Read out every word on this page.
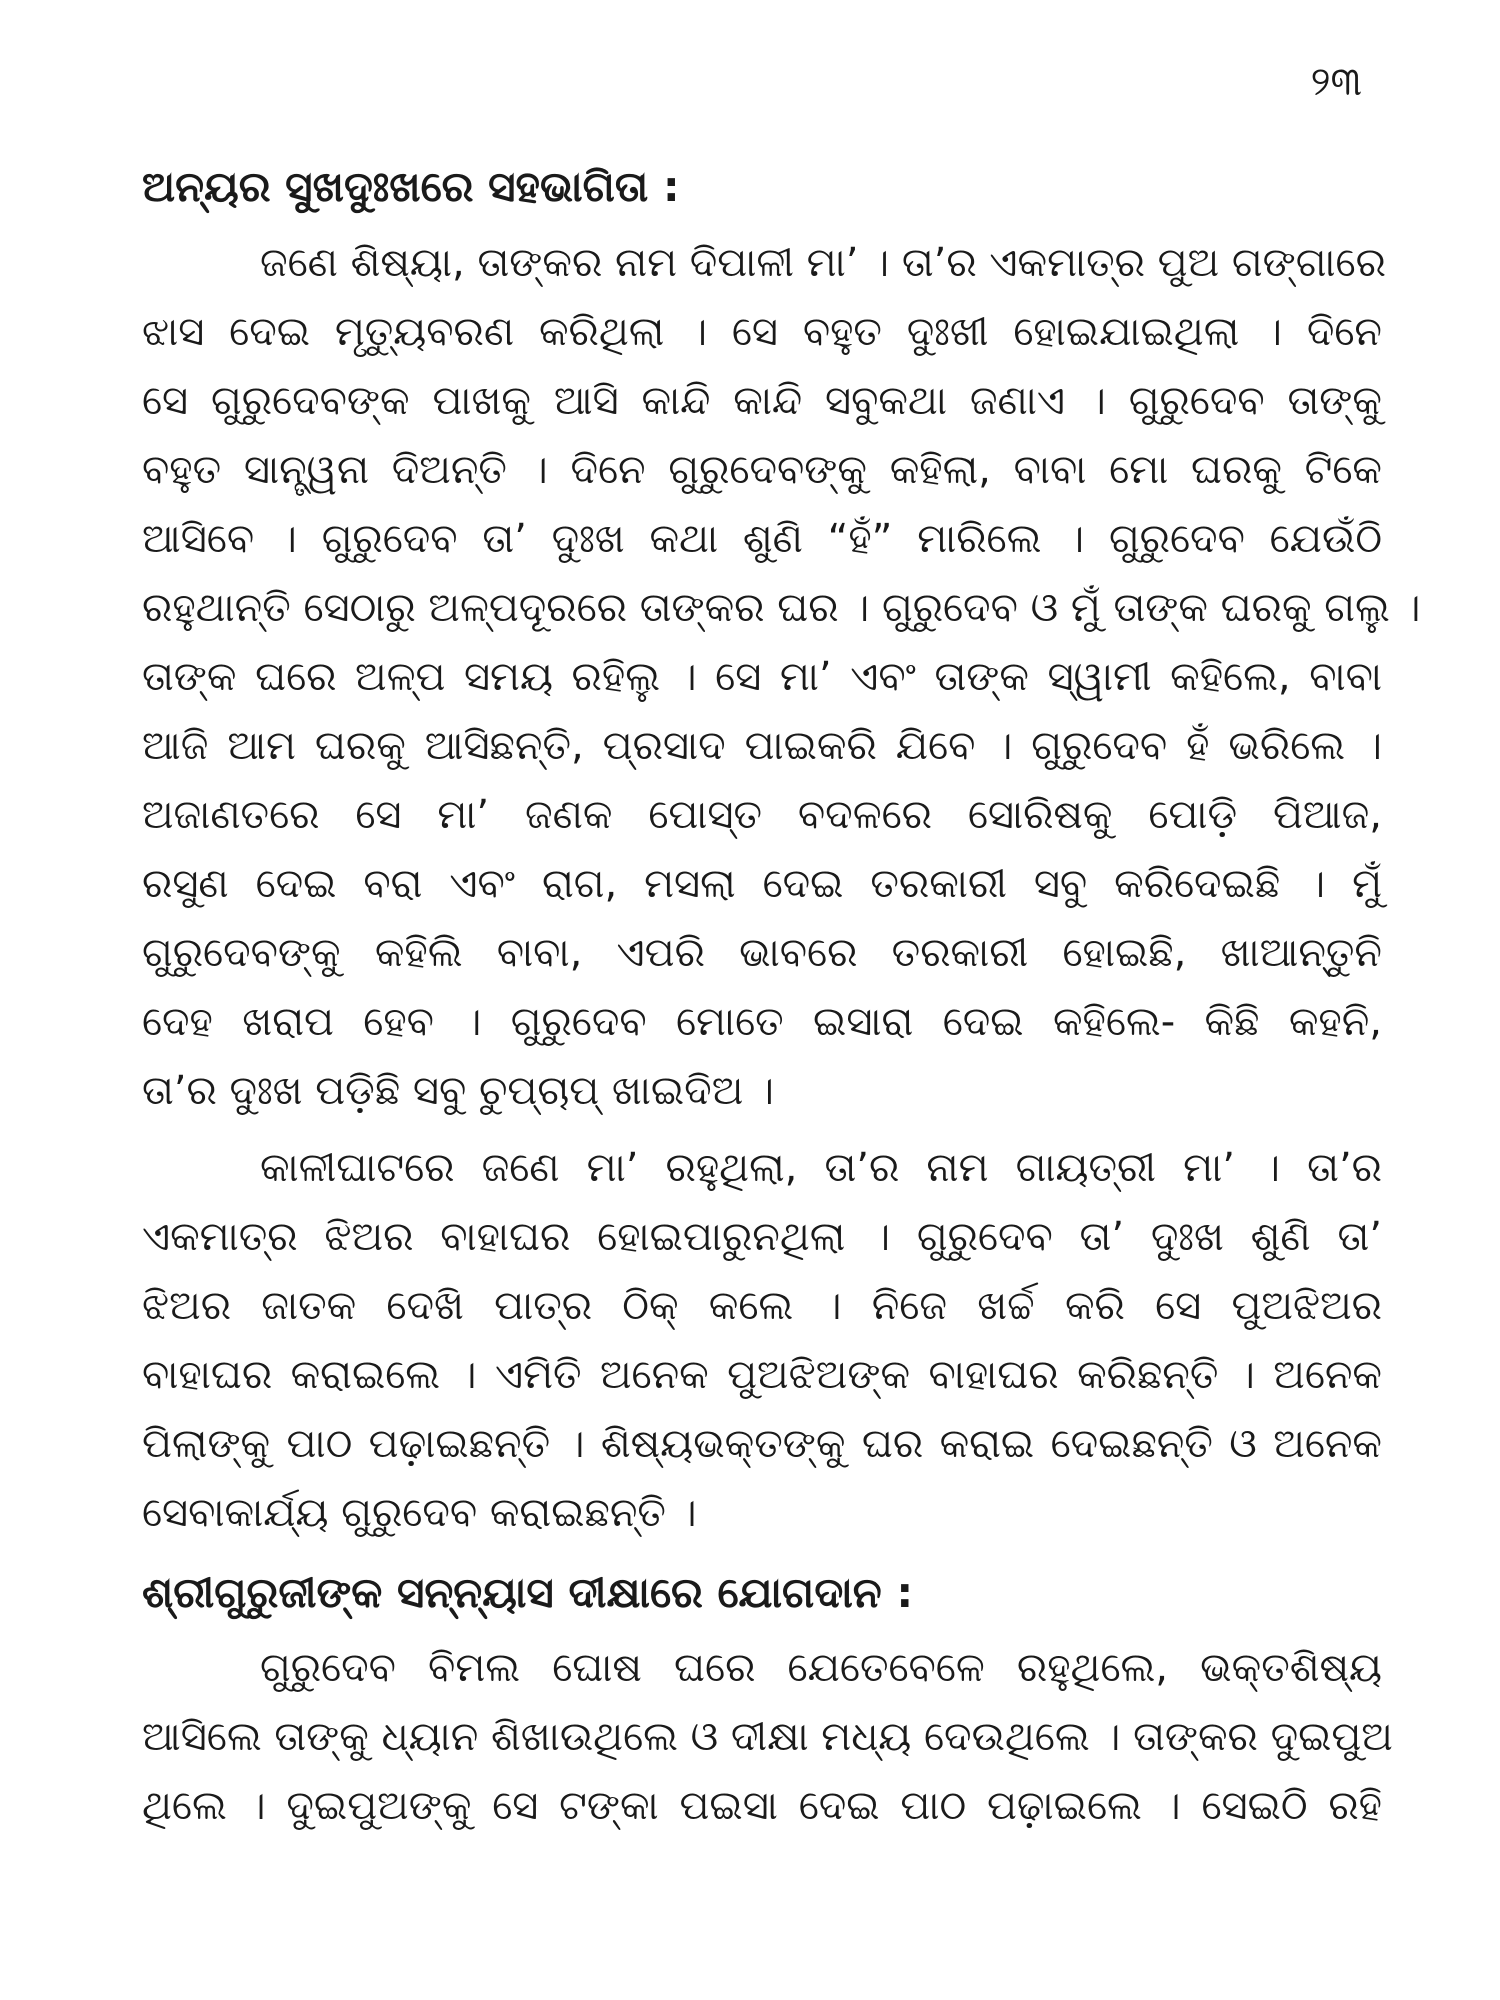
୨୩
ଅନ୍ୟର ସୁଖଦୁଃଖରେ ସହଭାଗିତା :
ଜଣେ ଶିଷ୍ୟା, ତାଙ୍କର ନାମ ଦିପାଳୀ ମା’ । ତା’ର ଏକମାତ୍ର ପୁଅ ଗଙ୍ଗାରେ
ଝାସ ଦେଇ ମୃତ୍ୟୁବରଣ କରିଥିଲା । ସେ ବହୁତ ଦୁଃଖୀ ହୋଇଯାଇଥିଲା । ଦିନେ
ସେ ଗୁରୁଦେବଙ୍କ ପାଖକୁ ଆସି କାନ୍ଦି କାନ୍ଦି ସବୁକଥା ଜଣାଏ । ଗୁରୁଦେବ ତାଙ୍କୁ
ବହୁତ ସାନ୍ତ୍ୱନା ଦିଅନ୍ତି । ଦିନେ ଗୁରୁଦେବଙ୍କୁ କହିଲା, ବାବା ମୋ ଘରକୁ ଟିକେ
ଆସିବେ । ଗୁରୁଦେବ ତା’ ଦୁଃଖ କଥା ଶୁଣି “ହଁ” ମାରିଲେ । ଗୁରୁଦେବ ଯେଉଁଠି
ରହୁଥାନ୍ତି ସେଠାରୁ ଅଳ୍ପଦୂରରେ ତାଙ୍କର ଘର । ଗୁରୁଦେବ ଓ ମୁଁ ତାଙ୍କ ଘରକୁ ଗଲୁ ।
ତାଙ୍କ ଘରେ ଅଳ୍ପ ସମୟ ରହିଲୁ । ସେ ମା’ ଏବଂ ତାଙ୍କ ସ୍ୱାମୀ କହିଲେ, ବାବା
ଆଜି ଆମ ଘରକୁ ଆସିଛନ୍ତି, ପ୍ରସାଦ ପାଇକରି ଯିବେ । ଗୁରୁଦେବ ହଁ ଭରିଲେ ।
ଅଜାଣତରେ ସେ ମା’ ଜଣକ ପୋସ୍ତ ବଦଳରେ ସୋରିଷକୁ ପୋଡ଼ି ପିଆଜ,
ରସୁଣ ଦେଇ ବରା ଏବଂ ରାଗ, ମସଲା ଦେଇ ତରକାରୀ ସବୁ କରିଦେଇଛି । ମୁଁ
ଗୁରୁଦେବଙ୍କୁ କହିଲି ବାବା, ଏପରି ଭାବରେ ତରକାରୀ ହୋଇଛି, ଖାଆନ୍ତୁନି
ଦେହ ଖରାପ ହେବ । ଗୁରୁଦେବ ମୋତେ ଇସାରା ଦେଇ କହିଲେ- କିଛି କହନି,
ତା’ର ଦୁଃଖ ପଡ଼ିଛି ସବୁ ଚୁପ୍‌ଚାପ୍ ଖାଇଦିଅ ।
କାଳୀଘାଟରେ ଜଣେ ମା’ ରହୁଥିଲା, ତା’ର ନାମ ଗାୟତ୍ରୀ ମା’ । ତା’ର
ଏକମାତ୍ର ଝିଅର ବାହାଘର ହୋଇପାରୁନଥିଲା । ଗୁରୁଦେବ ତା’ ଦୁଃଖ ଶୁଣି ତା’
ଝିଅର ଜାତକ ଦେଖି ପାତ୍ର ଠିକ୍ କଲେ । ନିଜେ ଖର୍ଚ୍ଚ କରି ସେ ପୁଅଝିଅର
ବାହାଘର କରାଇଲେ । ଏମିତି ଅନେକ ପୁଅଝିଅଙ୍କ ବାହାଘର କରିଛନ୍ତି । ଅନେକ
ପିଲାଙ୍କୁ ପାଠ ପଢ଼ାଇଛନ୍ତି । ଶିଷ୍ୟଭକ୍ତଙ୍କୁ ଘର କରାଇ ଦେଇଛନ୍ତି ଓ ଅନେକ
ସେବାକାର୍ଯ୍ୟ ଗୁରୁଦେବ କରାଇଛନ୍ତି ।
ଶ୍ରୀଗୁରୁଜୀଙ୍କ ସନ୍ନ୍ୟାସ ଦୀକ୍ଷାରେ ଯୋଗଦାନ :
ଗୁରୁଦେବ ବିମଲ ଘୋଷ ଘରେ ଯେତେବେଳେ ରହୁଥିଲେ, ଭକ୍ତଶିଷ୍ୟ
ଆସିଲେ ତାଙ୍କୁ ଧ୍ୟାନ ଶିଖାଉଥିଲେ ଓ ଦୀକ୍ଷା ମଧ୍ୟ ଦେଉଥିଲେ । ତାଙ୍କର ଦୁଇପୁଅ
ଥିଲେ । ଦୁଇପୁଅଙ୍କୁ ସେ ଟଙ୍କା ପଇସା ଦେଇ ପାଠ ପଢ଼ାଇଲେ । ସେଇଠି ରହି
